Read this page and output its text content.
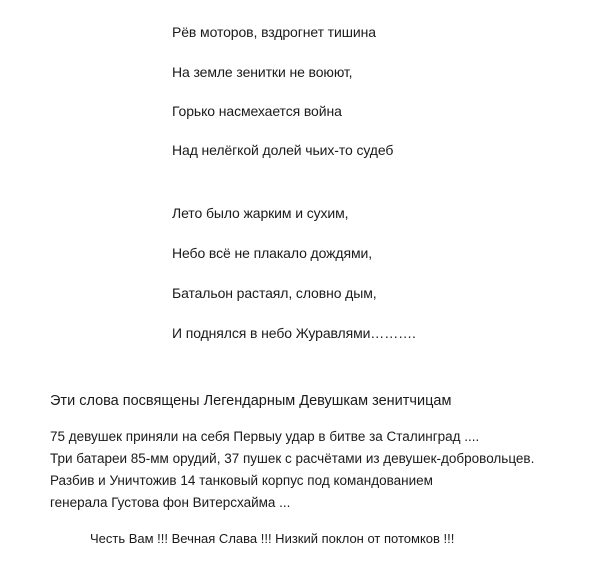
Рёв моторов, вздрогнет тишина
На земле зенитки не воюют,
Горько насмехается война
Над нелёгкой долей чьих-то судеб
Лето было жарким и сухим,
Небо всё не плакало дождями,
Батальон растаял, словно дым,
И поднялся в небо Журавлями……….
Эти слова посвящены Легендарным Девушкам зенитчицам
75 девушек приняли на себя Первыу удар в битве за Сталинград ....
Три батареи 85-мм орудий, 37 пушек с расчётами из девушек-добровольцев.
Разбив и Уничтожив 14 танковый корпус под командованием
генерала Густова фон Витерсхайма ...
Честь Вам !!! Вечная Слава !!! Низкий поклон от потомков !!!
